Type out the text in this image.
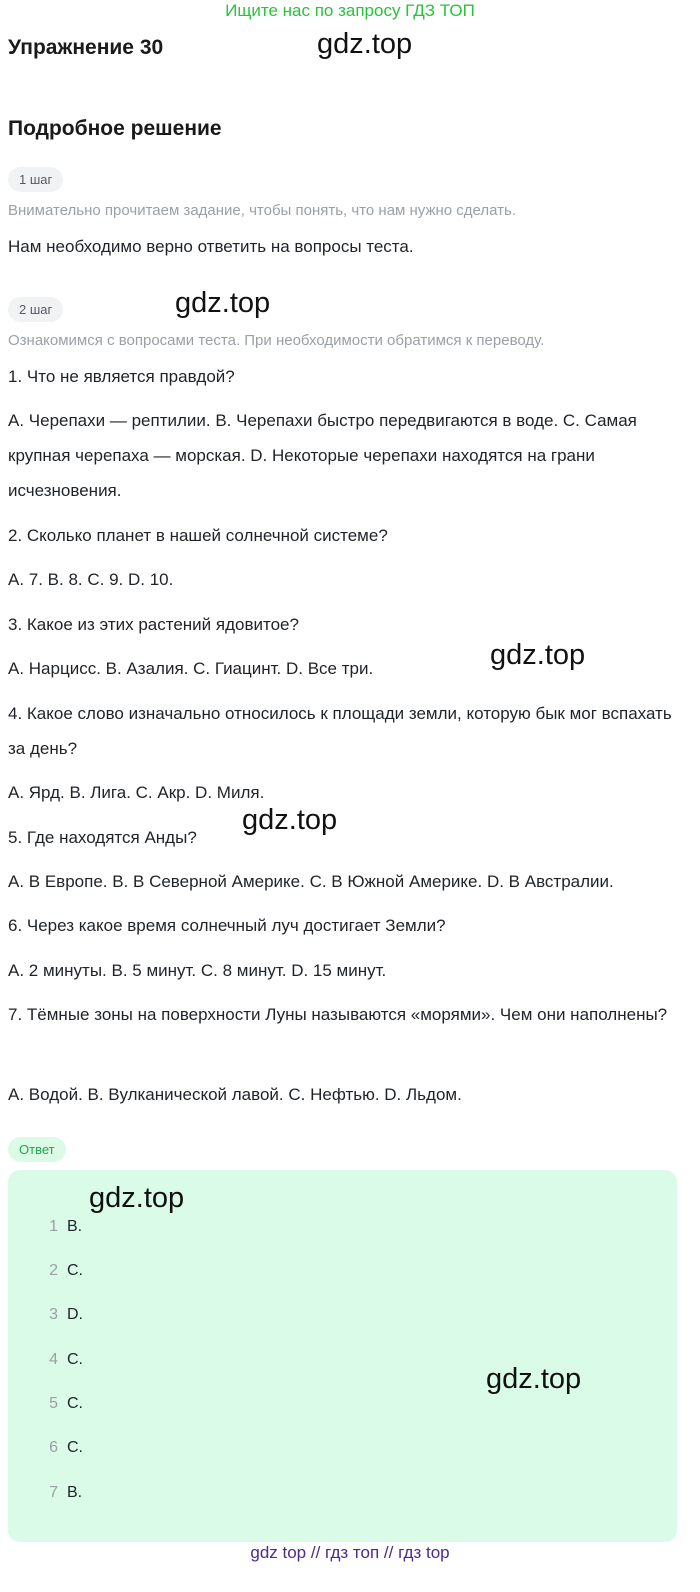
Ищите нас по запросу ГДЗ ТОП
Упражнение 30	gdz.top
Подробное решение
1 шаг
Внимательно прочитаем задание, чтобы понять, что нам нужно сделать.
Нам необходимо верно ответить на вопросы теста.
2 шаг	gdz.top
Ознакомимся с вопросами теста. При необходимости обратимся к переводу.
1. Что не является правдой?
A. Черепахи — рептилии. B. Черепахи быстро передвигаются в воде. C. Самая крупная черепаха — морская. D. Некоторые черепахи находятся на грани исчезновения.
2. Сколько планет в нашей солнечной системе?
A. 7. B. 8. C. 9. D. 10.
3. Какое из этих растений ядовитое?
A. Нарцисс. B. Азалия. C. Гиацинт. D. Все три.	gdz.top
4. Какое слово изначально относилось к площади земли, которую бык мог вспахать за день?
A. Ярд. B. Лига. C. Акр. D. Миля.
gdz.top
5. Где находятся Анды?
A. В Европе. B. В Северной Америке. C. В Южной Америке. D. В Австралии.
6. Через какое время солнечный луч достигает Земли?
A. 2 минуты. B. 5 минут. C. 8 минут. D. 15 минут.
7. Тёмные зоны на поверхности Луны называются «морями». Чем они наполнены?
A. Водой. B. Вулканической лавой. C. Нефтью. D. Льдом.
Ответ
gdz.top
gdz.top
1 B.
2 C.
3 D.
4 C.
5 C.
6 C.
7 B.
gdz top // гдз топ // гдз top
